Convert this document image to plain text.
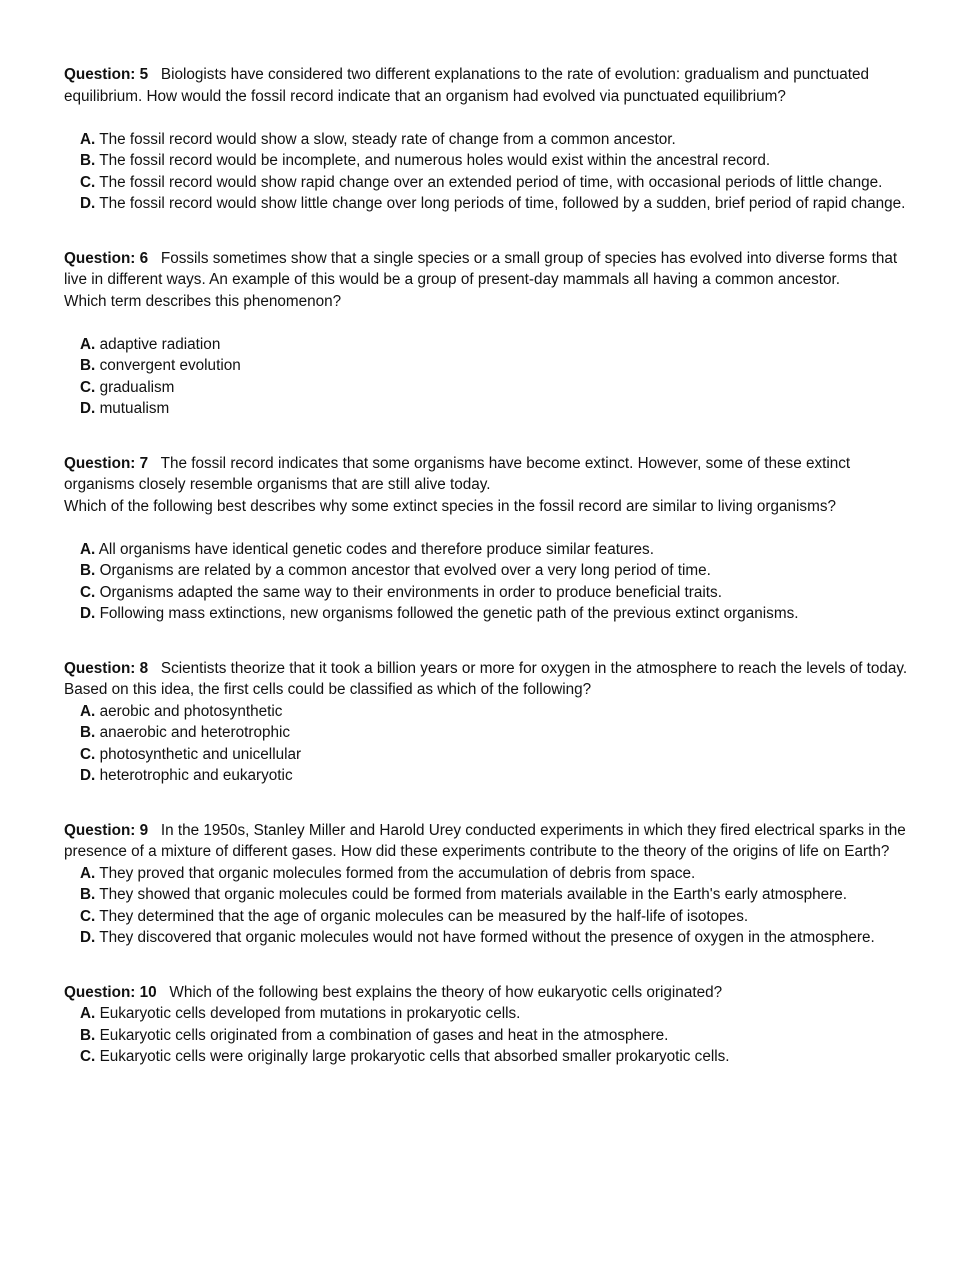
Question: 5 Biologists have considered two different explanations to the rate of evolution: gradualism and punctuated equilibrium. How would the fossil record indicate that an organism had evolved via punctuated equilibrium?

A. The fossil record would show a slow, steady rate of change from a common ancestor.

B. The fossil record would be incomplete, and numerous holes would exist within the ancestral record.

C. The fossil record would show rapid change over an extended period of time, with occasional periods of little change.

D. The fossil record would show little change over long periods of time, followed by a sudden, brief period of rapid change.

Question: 6 Fossils sometimes show that a single species or a small group of species has evolved into diverse forms that live in different ways. An example of this would be a group of present-day mammals all having a common ancestor.
Which term describes this phenomenon?

A. adaptive radiation

B. convergent evolution

C. gradualism

D. mutualism

Question: 7 The fossil record indicates that some organisms have become extinct. However, some of these extinct organisms closely resemble organisms that are still alive today.
Which of the following best describes why some extinct species in the fossil record are similar to living organisms?

A. All organisms have identical genetic codes and therefore produce similar features.

B. Organisms are related by a common ancestor that evolved over a very long period of time.

C. Organisms adapted the same way to their environments in order to produce beneficial traits.

D. Following mass extinctions, new organisms followed the genetic path of the previous extinct organisms.

Question: 8 Scientists theorize that it took a billion years or more for oxygen in the atmosphere to reach the levels of today. Based on this idea, the first cells could be classified as which of the following?

A. aerobic and photosynthetic

B. anaerobic and heterotrophic

C. photosynthetic and unicellular

D. heterotrophic and eukaryotic

Question: 9 In the 1950s, Stanley Miller and Harold Urey conducted experiments in which they fired electrical sparks in the presence of a mixture of different gases. How did these experiments contribute to the theory of the origins of life on Earth?

A. They proved that organic molecules formed from the accumulation of debris from space.

B. They showed that organic molecules could be formed from materials available in the Earth's early atmosphere.

C. They determined that the age of organic molecules can be measured by the half-life of isotopes.

D. They discovered that organic molecules would not have formed without the presence of oxygen in the atmosphere.

Question: 10 Which of the following best explains the theory of how eukaryotic cells originated?

A. Eukaryotic cells developed from mutations in prokaryotic cells.

B. Eukaryotic cells originated from a combination of gases and heat in the atmosphere.

C. Eukaryotic cells were originally large prokaryotic cells that absorbed smaller prokaryotic cells.
